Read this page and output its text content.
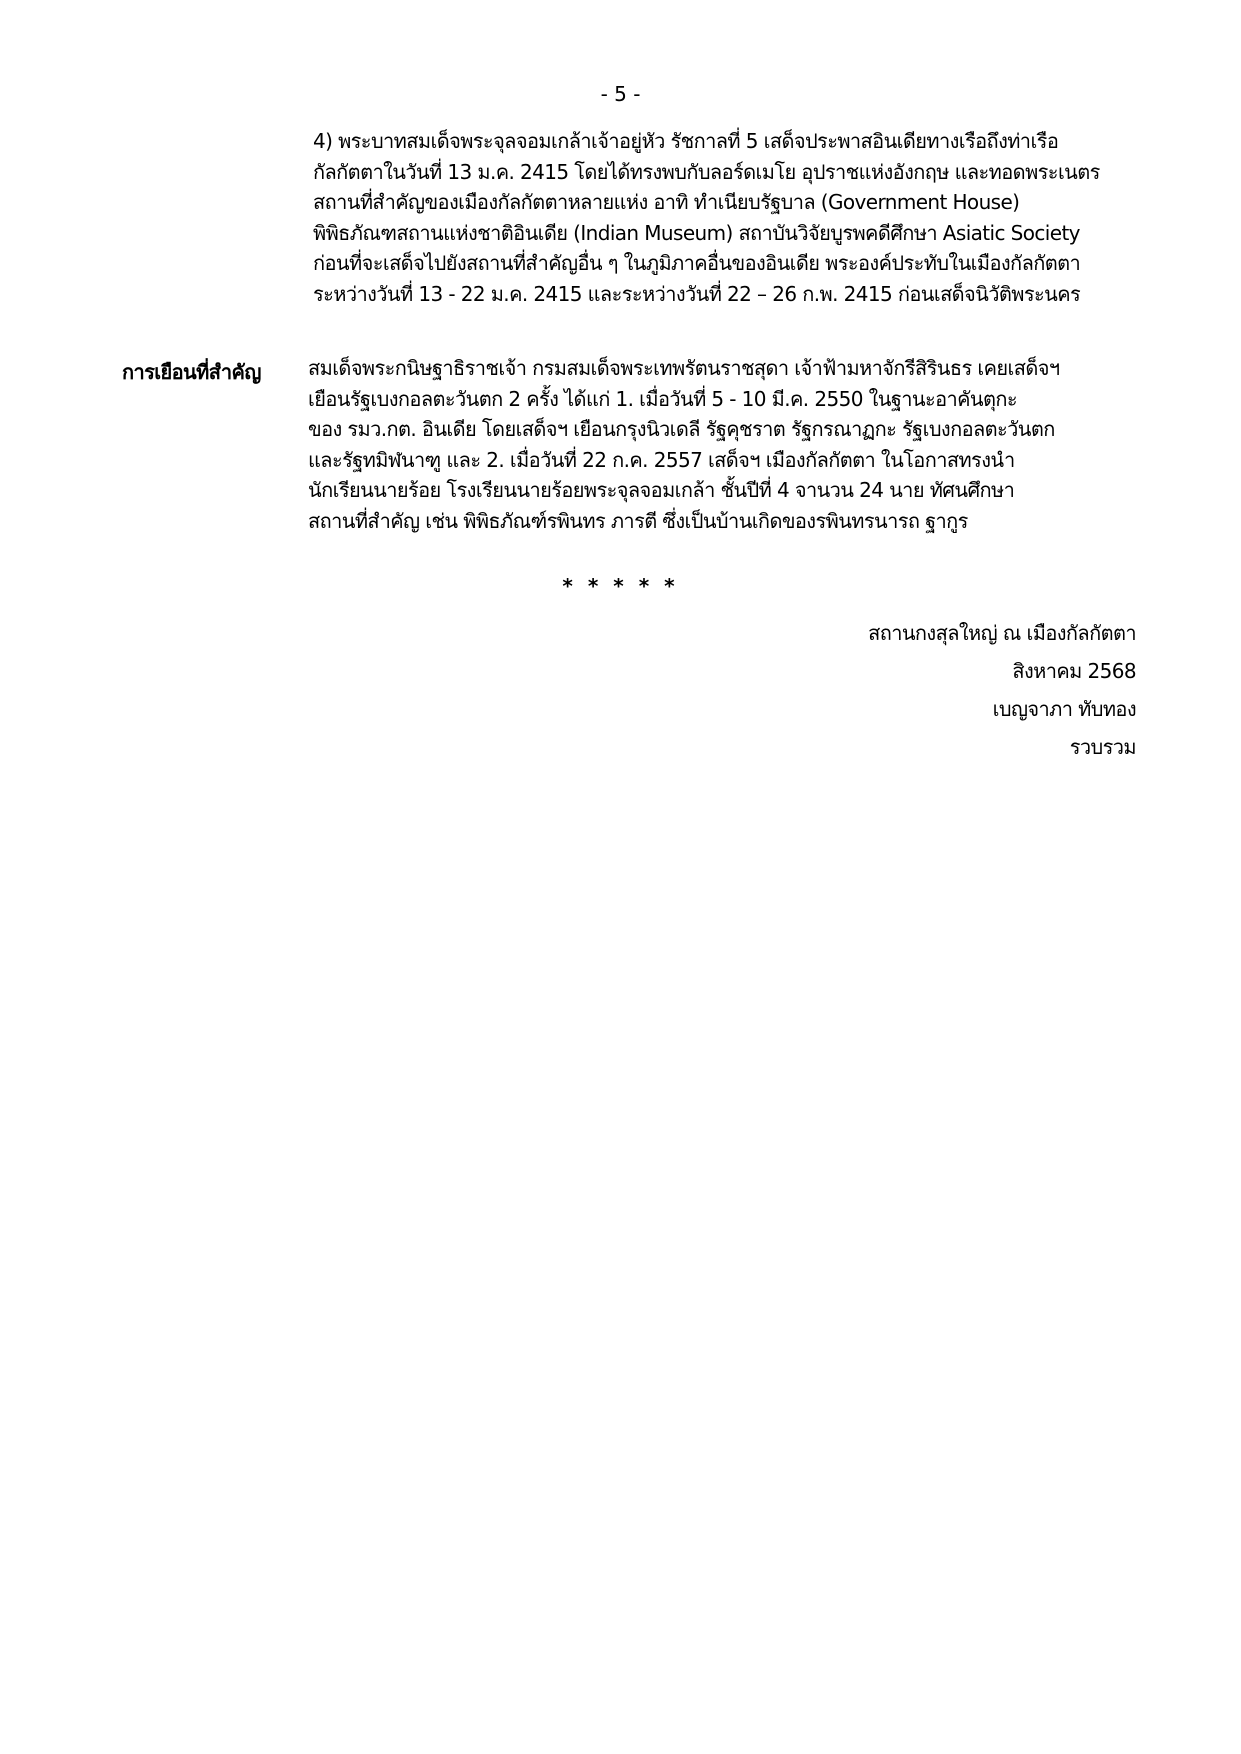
- 5 -
4) พระบาทสมเด็จพระจุลจอมเกล้าเจ้าอยู่หัว รัชกาลที่ 5 เสด็จประพาสอินเดียทางเรือถึงท่าเรือ
กัลกัตตาในวันที่ 13 ม.ค. 2415 โดยได้ทรงพบกับลอร์ดเมโย อุปราชแห่งอังกฤษ และทอดพระเนตร
สถานที่สำคัญของเมืองกัลกัตตาหลายแห่ง อาทิ ทำเนียบรัฐบาล (Government House)
พิพิธภัณฑสถานแห่งชาติอินเดีย (Indian Museum) สถาบันวิจัยบูรพคดีศึกษา Asiatic Society
ก่อนที่จะเสด็จไปยังสถานที่สำคัญอื่น ๆ ในภูมิภาคอื่นของอินเดีย พระองค์ประทับในเมืองกัลกัตตา
ระหว่างวันที่ 13 - 22 ม.ค. 2415 และระหว่างวันที่ 22 – 26 ก.พ. 2415 ก่อนเสด็จนิวัติพระนคร
การเยือนที่สำคัญ สมเด็จพระกนิษฐาธิราชเจ้า กรมสมเด็จพระเทพรัตนราชสุดา เจ้าฟ้ามหาจักรีสิรินธร เคยเสด็จฯ
เยือนรัฐเบงกอลตะวันตก 2 ครั้ง ได้แก่ 1. เมื่อวันที่ 5 - 10 มี.ค. 2550 ในฐานะอาคันตุกะ
ของ รมว.กต. อินเดีย โดยเสด็จฯ เยือนกรุงนิวเดลี รัฐคุชราต รัฐกรณาฏกะ รัฐเบงกอลตะวันตก
และรัฐทมิฬนาฑู และ 2. เมื่อวันที่ 22 ก.ค. 2557 เสด็จฯ เมืองกัลกัตตา ในโอกาสทรงนำ
นักเรียนนายร้อย โรงเรียนนายร้อยพระจุลจอมเกล้า ชั้นปีที่ 4 จานวน 24 นาย ทัศนศึกษา
สถานที่สำคัญ เช่น พิพิธภัณฑ์รพินทร ภารตี ซึ่งเป็นบ้านเกิดของรพินทรนารถ ฐากูร
* * * * *
สถานกงสุลใหญ่ ณ เมืองกัลกัตตา
สิงหาคม 2568
เบญจาภา ทับทอง
รวบรวม
